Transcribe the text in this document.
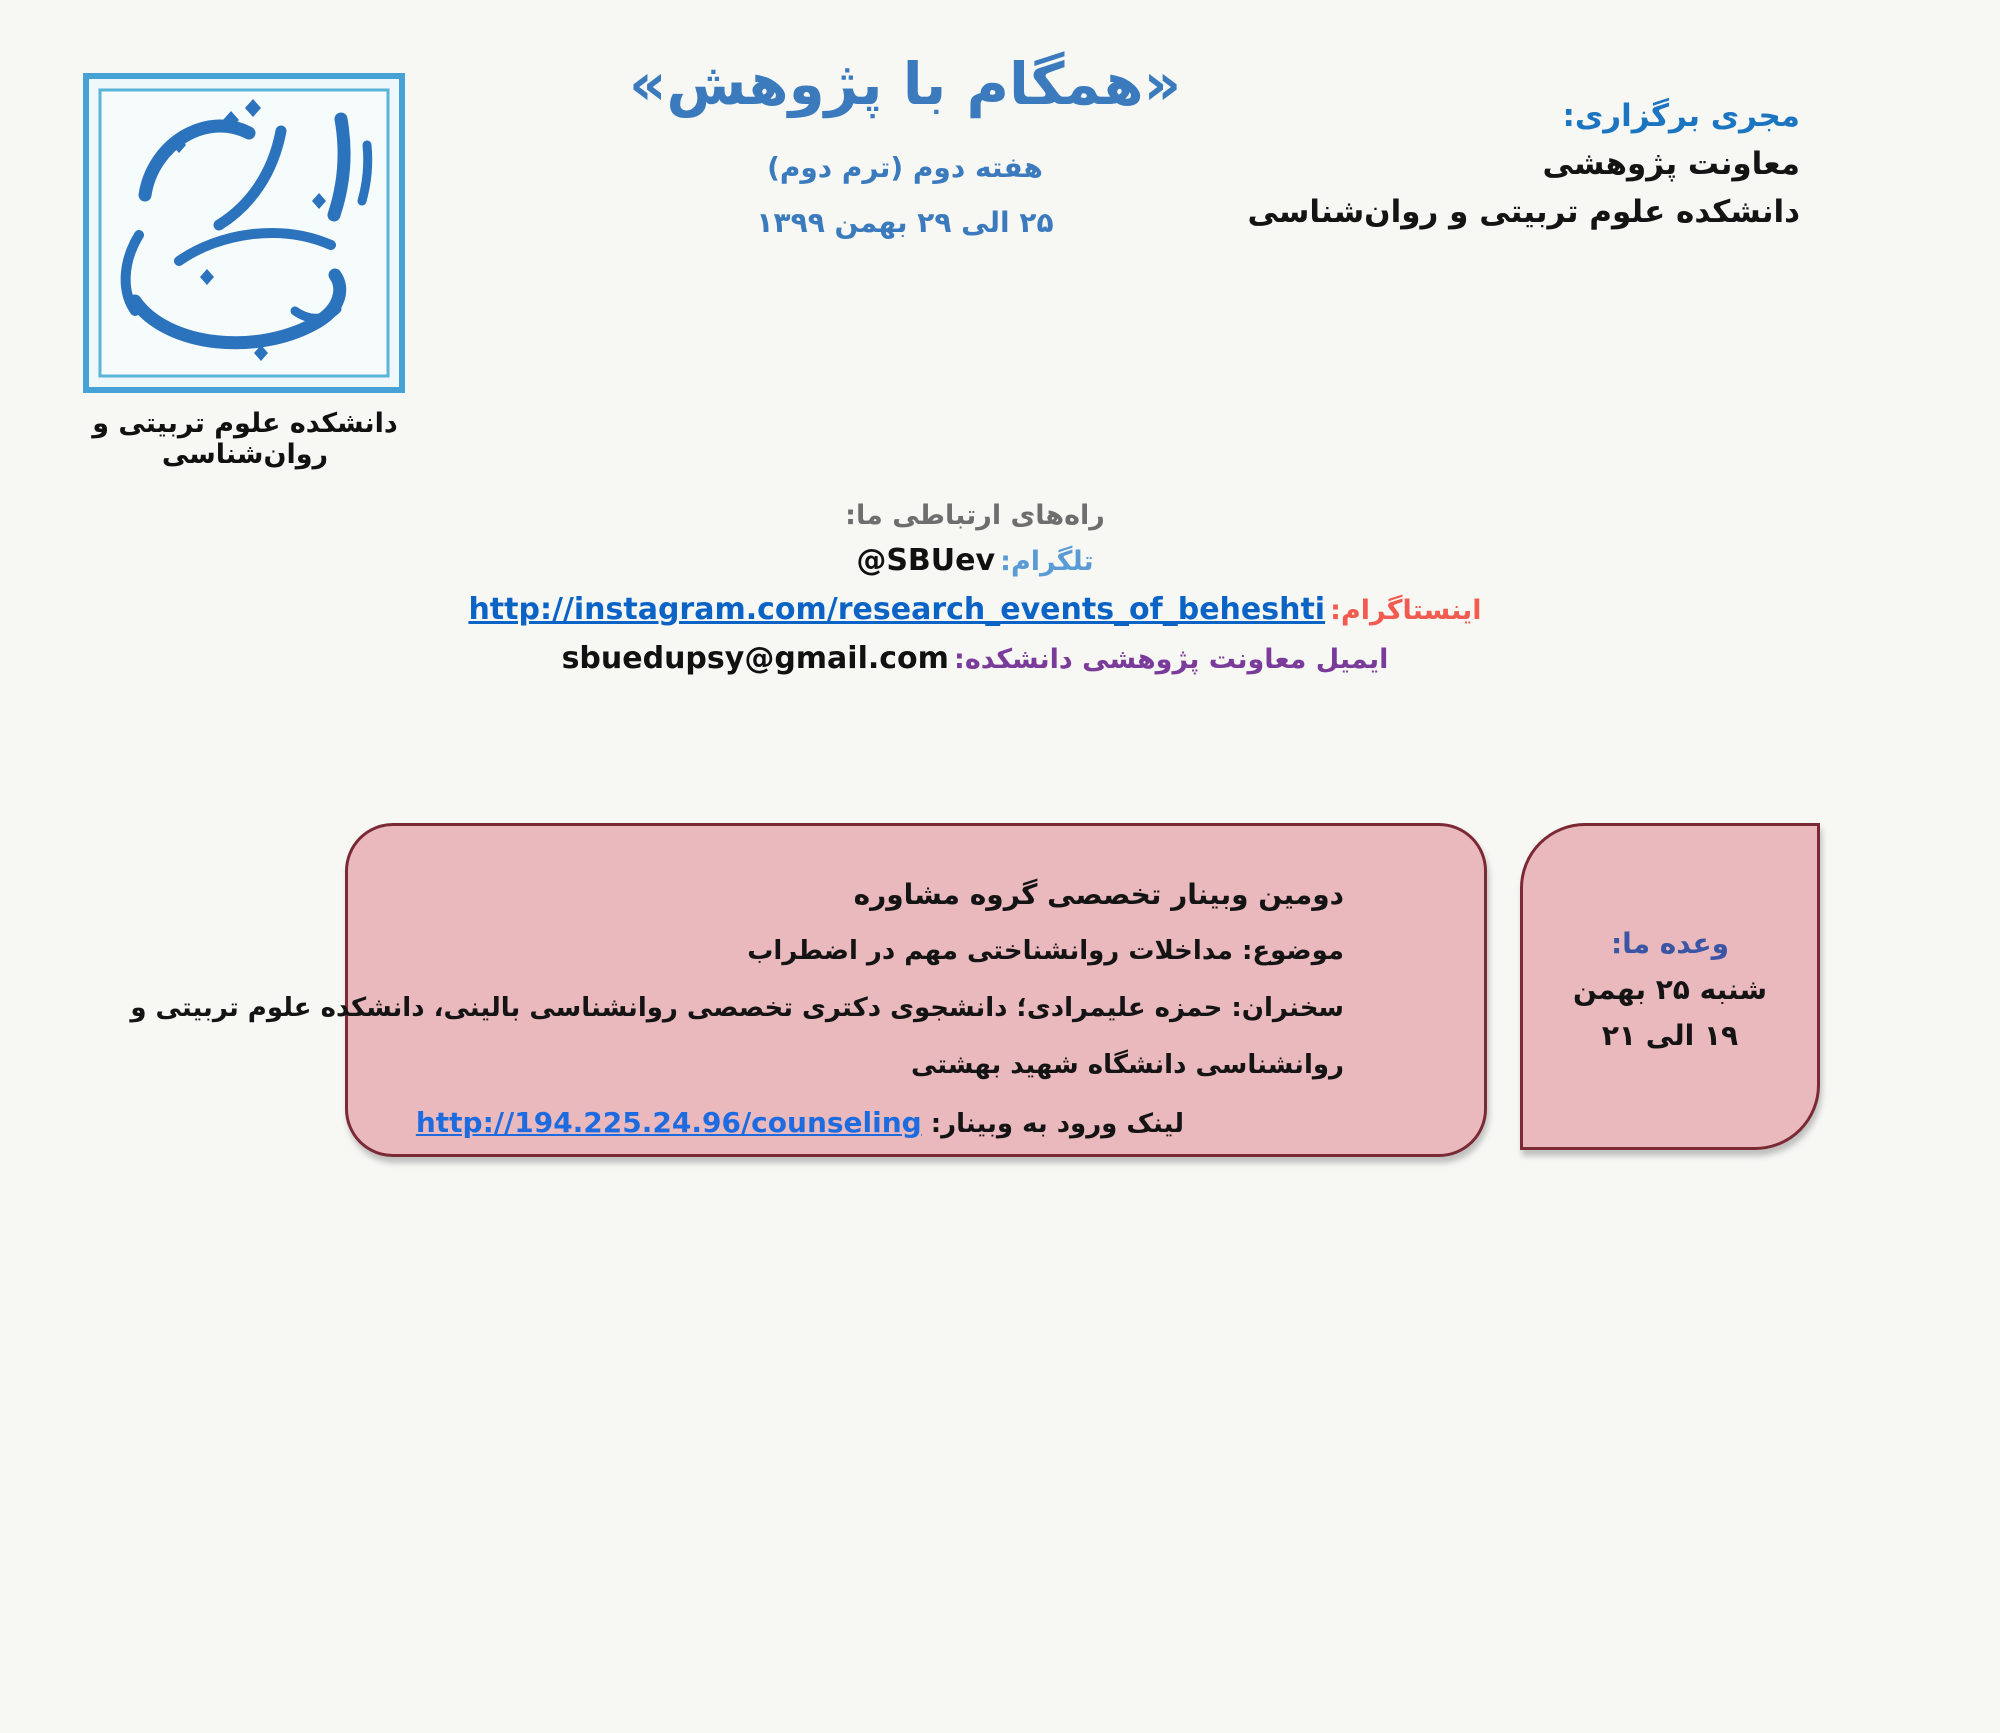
دانشکده علوم تربیتی و روان‌شناسی
«همگام با پژوهش»
هفته دوم (ترم دوم)
۲۵ الی ۲۹ بهمن ۱۳۹۹
مجری برگزاری:
معاونت پژوهشی
دانشکده علوم تربیتی و روان‌شناسی
راه‌های ارتباطی ما:
تلگرام: @SBUev
اینستاگرام: http://instagram.com/research_events_of_beheshti
ایمیل معاونت پژوهشی دانشکده: sbuedupsy@gmail.com

دومین وبینار تخصصی گروه مشاوره

موضوع: مداخلات روانشناختی مهم در اضطراب

سخنران: حمزه علیمرادی؛ دانشجوی دکتری تخصصی روانشناسی بالینی، دانشکده علوم تربیتی و

روانشناسی دانشگاه شهید بهشتی

لینک ورود به وبینار: http://194.225.24.96/counseling

وعده ما:
شنبه ۲۵ بهمن
۱۹ الی ۲۱
